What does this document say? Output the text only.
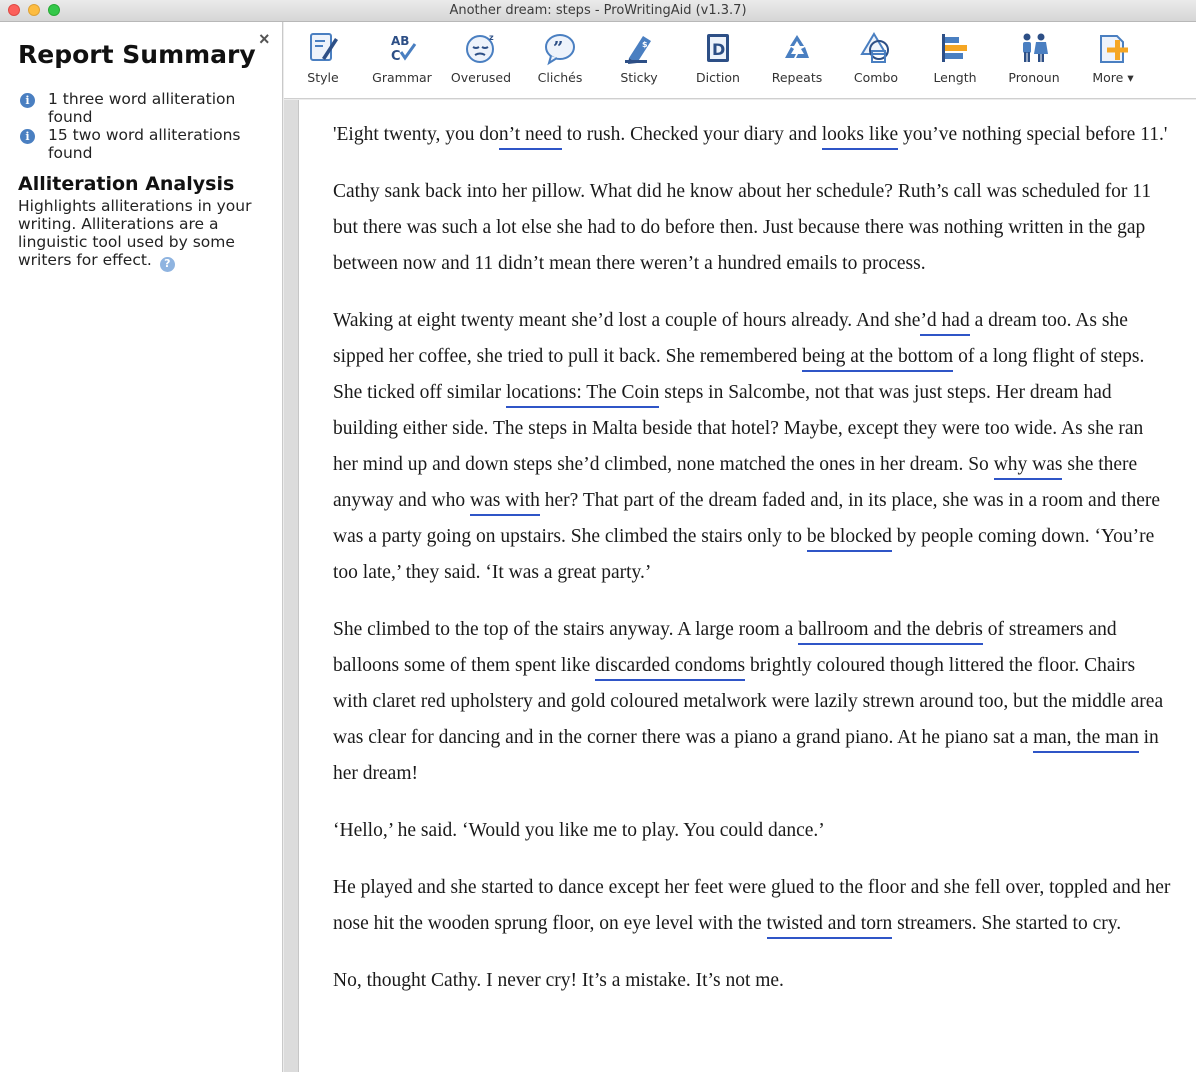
Another dream: steps - ProWritingAid (v1.3.7)
×
Report Summary
i	1 three word alliteration found
i	15 two word alliterations found
Alliteration Analysis
Highlights alliterations in your writing. Alliterations are a linguistic tool used by some writers for effect. ?
Style
AB
C
Grammar
z
Overused
”
Clichés
$
Sticky
D
Diction	Repeats	Combo	Length	Pronoun	More ▾

'Eight twenty, you don’t need to rush. Checked your diary and looks like you’ve nothing special before 11.'

Cathy sank back into her pillow. What did he know about her schedule? Ruth’s call was scheduled for 11 but there was such a lot else she had to do before then. Just because there was nothing written in the gap between now and 11 didn’t mean there weren’t a hundred emails to process.

Waking at eight twenty meant she’d lost a couple of hours already. And she’d had a dream too. As she sipped her coffee, she tried to pull it back. She remembered being at the bottom of a long flight of steps. She ticked off similar locations: The Coin steps in Salcombe, not that was just steps. Her dream had building either side. The steps in Malta beside that hotel? Maybe, except they were too wide. As she ran her mind up and down steps she’d climbed, none matched the ones in her dream. So why was she there anyway and who was with her? That part of the dream faded and, in its place, she was in a room and there was a party going on upstairs. She climbed the stairs only to be blocked by people coming down. ‘You’re too late,’ they said. ‘It was a great party.’

She climbed to the top of the stairs anyway. A large room a ballroom and the debris of streamers and balloons some of them spent like discarded condoms brightly coloured though littered the floor. Chairs with claret red upholstery and gold coloured metalwork were lazily strewn around too, but the middle area was clear for dancing and in the corner there was a piano a grand piano. At he piano sat a man, the man in her dream!

‘Hello,’ he said. ‘Would you like me to play. You could dance.’

He played and she started to dance except her feet were glued to the floor and she fell over, toppled and her nose hit the wooden sprung floor, on eye level with the twisted and torn streamers. She started to cry.

No, thought Cathy. I never cry! It’s a mistake. It’s not me.
